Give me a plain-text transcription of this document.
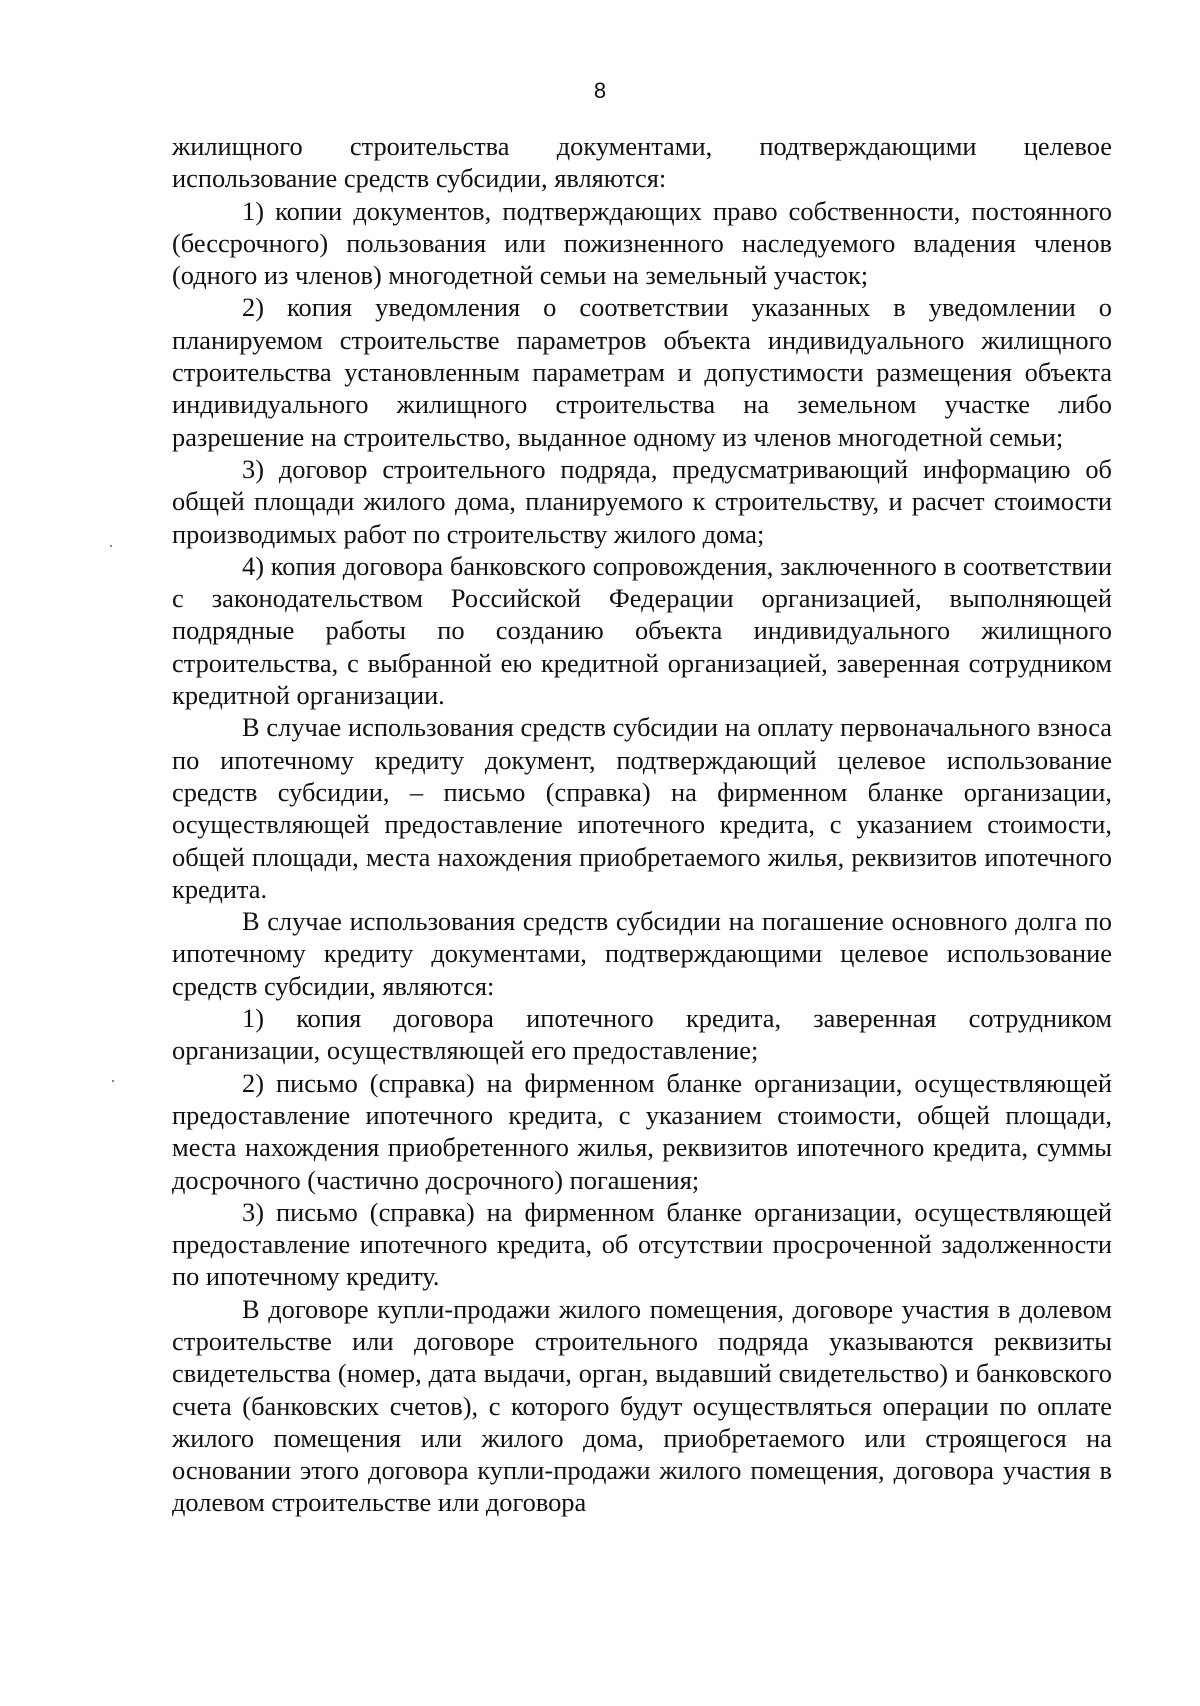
8

жилищного строительства документами, подтверждающими целевое использование средств субсидии, являются:

1) копии документов, подтверждающих право собственности, постоянного (бессрочного) пользования или пожизненного наследуемого владения членов (одного из членов) многодетной семьи на земельный участок;

2) копия уведомления о соответствии указанных в уведомлении о планируемом строительстве параметров объекта индивидуального жилищного строительства установленным параметрам и допустимости размещения объекта индивидуального жилищного строительства на земельном участке либо разрешение на строительство, выданное одному из членов многодетной семьи;

3) договор строительного подряда, предусматривающий информацию об общей площади жилого дома, планируемого к строительству, и расчет стоимости производимых работ по строительству жилого дома;

4) копия договора банковского сопровождения, заключенного в соответствии с законодательством Российской Федерации организацией, выполняющей подрядные работы по созданию объекта индивидуального жилищного строительства, с выбранной ею кредитной организацией, заверенная сотрудником кредитной организации.

В случае использования средств субсидии на оплату первоначального взноса по ипотечному кредиту документ, подтверждающий целевое использование средств субсидии, – письмо (справка) на фирменном бланке организации, осуществляющей предоставление ипотечного кредита, с указанием стоимости, общей площади, места нахождения приобретаемого жилья, реквизитов ипотечного кредита.

В случае использования средств субсидии на погашение основного долга по ипотечному кредиту документами, подтверждающими целевое использование средств субсидии, являются:

1) копия договора ипотечного кредита, заверенная сотрудником организации, осуществляющей его предоставление;

2) письмо (справка) на фирменном бланке организации, осуществляющей предоставление ипотечного кредита, с указанием стоимости, общей площади, места нахождения приобретенного жилья, реквизитов ипотечного кредита, суммы досрочного (частично досрочного) погашения;

3) письмо (справка) на фирменном бланке организации, осуществляющей предоставление ипотечного кредита, об отсутствии просроченной задолженности по ипотечному кредиту.

В договоре купли-продажи жилого помещения, договоре участия в долевом строительстве или договоре строительного подряда указываются реквизиты свидетельства (номер, дата выдачи, орган, выдавший свидетельство) и банковского счета (банковских счетов), с которого будут осуществляться операции по оплате жилого помещения или жилого дома, приобретаемого или строящегося на основании этого договора купли-продажи жилого помещения, договора участия в долевом строительстве или договора
